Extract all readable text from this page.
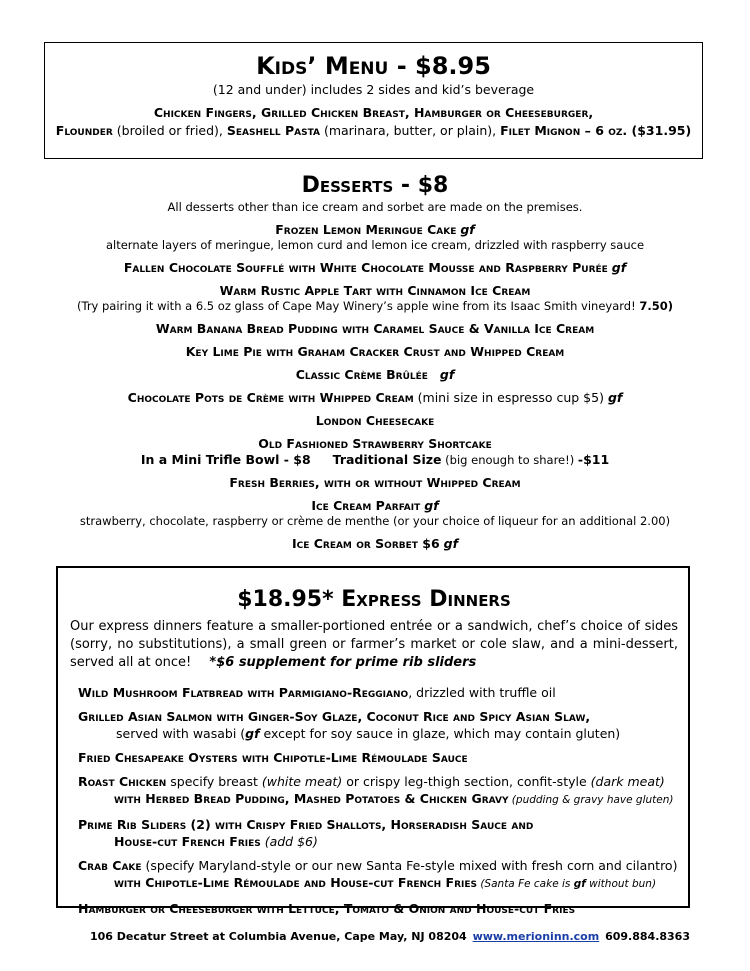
Kids’ Menu - $8.95
(12 and under) includes 2 sides and kid’s beverage
Chicken Fingers, Grilled Chicken Breast, Hamburger or Cheeseburger,
Flounder (broiled or fried), Seashell Pasta (marinara, butter, or plain), Filet Mignon – 6 oz. ($31.95)
Desserts - $8
All desserts other than ice cream and sorbet are made on the premises.
Frozen Lemon Meringue Cake gf
alternate layers of meringue, lemon curd and lemon ice cream, drizzled with raspberry sauce
Fallen Chocolate Soufflé with White Chocolate Mousse and Raspberry Purée gf
Warm Rustic Apple Tart with Cinnamon Ice Cream
(Try pairing it with a 6.5 oz glass of Cape May Winery’s apple wine from its Isaac Smith vineyard! 7.50)
Warm Banana Bread Pudding with Caramel Sauce & Vanilla Ice Cream
Key Lime Pie with Graham Cracker Crust and Whipped Cream
Classic Crème Brûlée gf
Chocolate Pots de Crème with Whipped Cream (mini size in espresso cup $5) gf
London Cheesecake
Old Fashioned Strawberry Shortcake
In a Mini Trifle Bowl - $8 Traditional Size (big enough to share!) -$11
Fresh Berries, with or without Whipped Cream
Ice Cream Parfait gf
strawberry, chocolate, raspberry or crème de menthe (or your choice of liqueur for an additional 2.00)
Ice Cream or Sorbet $6 gf
$18.95* Express Dinners
Our express dinners feature a smaller-portioned entrée or a sandwich, chef’s choice of sides (sorry, no substitutions), a small green or farmer’s market or cole slaw, and a mini-dessert, served all at once! *$6 supplement for prime rib sliders
Wild Mushroom Flatbread with Parmigiano-Reggiano, drizzled with truffle oil
Grilled Asian Salmon with Ginger-Soy Glaze, Coconut Rice and Spicy Asian Slaw,
served with wasabi (gf except for soy sauce in glaze, which may contain gluten)
Fried Chesapeake Oysters with Chipotle-Lime Rémoulade Sauce
Roast Chicken specify breast (white meat) or crispy leg-thigh section, confit-style (dark meat)
with Herbed Bread Pudding, Mashed Potatoes & Chicken Gravy (pudding & gravy have gluten)
Prime Rib Sliders (2) with Crispy Fried Shallots, Horseradish Sauce and
House-cut French Fries (add $6)
Crab Cake (specify Maryland-style or our new Santa Fe-style mixed with fresh corn and cilantro)
with Chipotle-Lime Rémoulade and House-cut French Fries (Santa Fe cake is gf without bun)
Hamburger or Cheeseburger with Lettuce, Tomato & Onion and House-cut Fries
106 Decatur Street at Columbia Avenue, Cape May, NJ 08204 www.merioninn.com 609.884.8363
